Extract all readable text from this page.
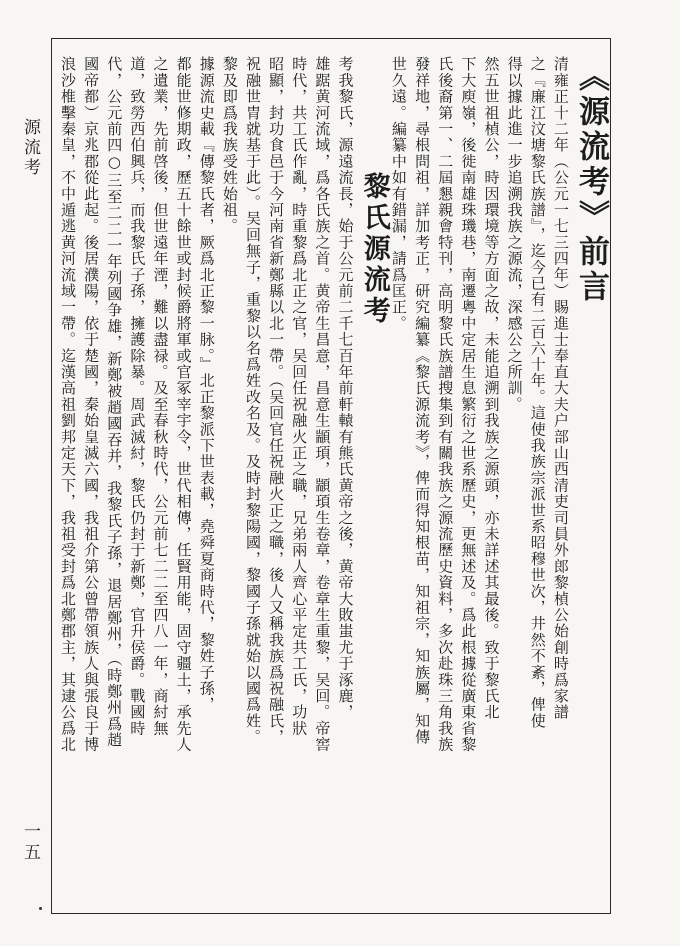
源流考
一五
《源流考》前言
清雍正十二年（公元一七三四年）賜進士奉直大夫户部山西清吏司員外郎黎楨公始創時爲家譜
之『廉江汶塘黎氏族譜』，迄今已有二百六十年。這使我族宗派世系昭穆世次，井然不紊，俾使
得以據此進一步追溯我族之源流，深感公之所訓。
然五世祖楨公，時因環境等方面之故，未能追溯到我族之源頭，亦未詳述其最後。致于黎氏北
下大庾嶺，後徙南雄珠璣巷，南遷粵中定居生息繁衍之世系歷史，更無述及。爲此根據從廣東省黎
氏後裔第一、二屆懇親會特刊，高明黎氏族譜搜集到有關我族之源流歷史資料，多次赴珠三角我族
發祥地，尋根問祖，詳加考正，研究編纂《黎氏源流考》，俾而得知根苗，知祖宗，知族屬，知傳
世久遠。編纂中如有錯漏，請爲匡正。
黎氏源流考
考我黎氏，源遠流長，始于公元前二千七百年前軒轅有熊氏黄帝之後，黄帝大敗蚩尤于涿鹿，
雄踞黄河流域，爲各氏族之首。黄帝生昌意，昌意生顓頊，顓頊生卷章，卷章生重黎，吴回。帝窖
時代，共工氏作亂，時重黎爲北正之官，吴回任祝融火正之職，兄弟兩人齊心平定共工氏，功狀
昭顯，封功食邑于今河南省新鄭縣以北一帶。（吴回官任祝融火正之職，後人又稱我族爲祝融氏，
祝融世胄就基于此）。吴回無子，重黎以名爲姓改名及。及時封黎陽國，黎國子孫就始以國爲姓。
黎及即爲我族受姓始祖。
據源流史載『傳黎氏者，厥爲北正黎一脉。』北正黎派下世表載，堯舜夏商時代，黎姓子孫，
都能世修期政，歷五十餘世或封候爵將軍或官冢宰宇令，世代相傳，任賢用能，固守疆土，承先人
之遺業，先前啓後，但世遠年湮，難以盡禄。及至春秋時代，公元前七二二至四八一年，商紂無
道，致勞西伯興兵，而我黎氏子孫，擁護除暴。周武滅紂，黎氏仍封于新鄭，官升侯爵。戰國時
代，公元前四○三至二二一年列國争雄，新鄭被趙國吞并，我黎氏子孫，退居鄭州，（時鄭州爲趙
國帝都）京兆郡從此起。後居濮陽，依于楚國，秦始皇滅六國，我祖介第公曾帶領族人與張良于博
浪沙椎擊秦皇，不中遁逃黄河流域一帶。迄漢高祖劉邦定天下，我祖受封爲北鄭郡主，其逮公爲北
